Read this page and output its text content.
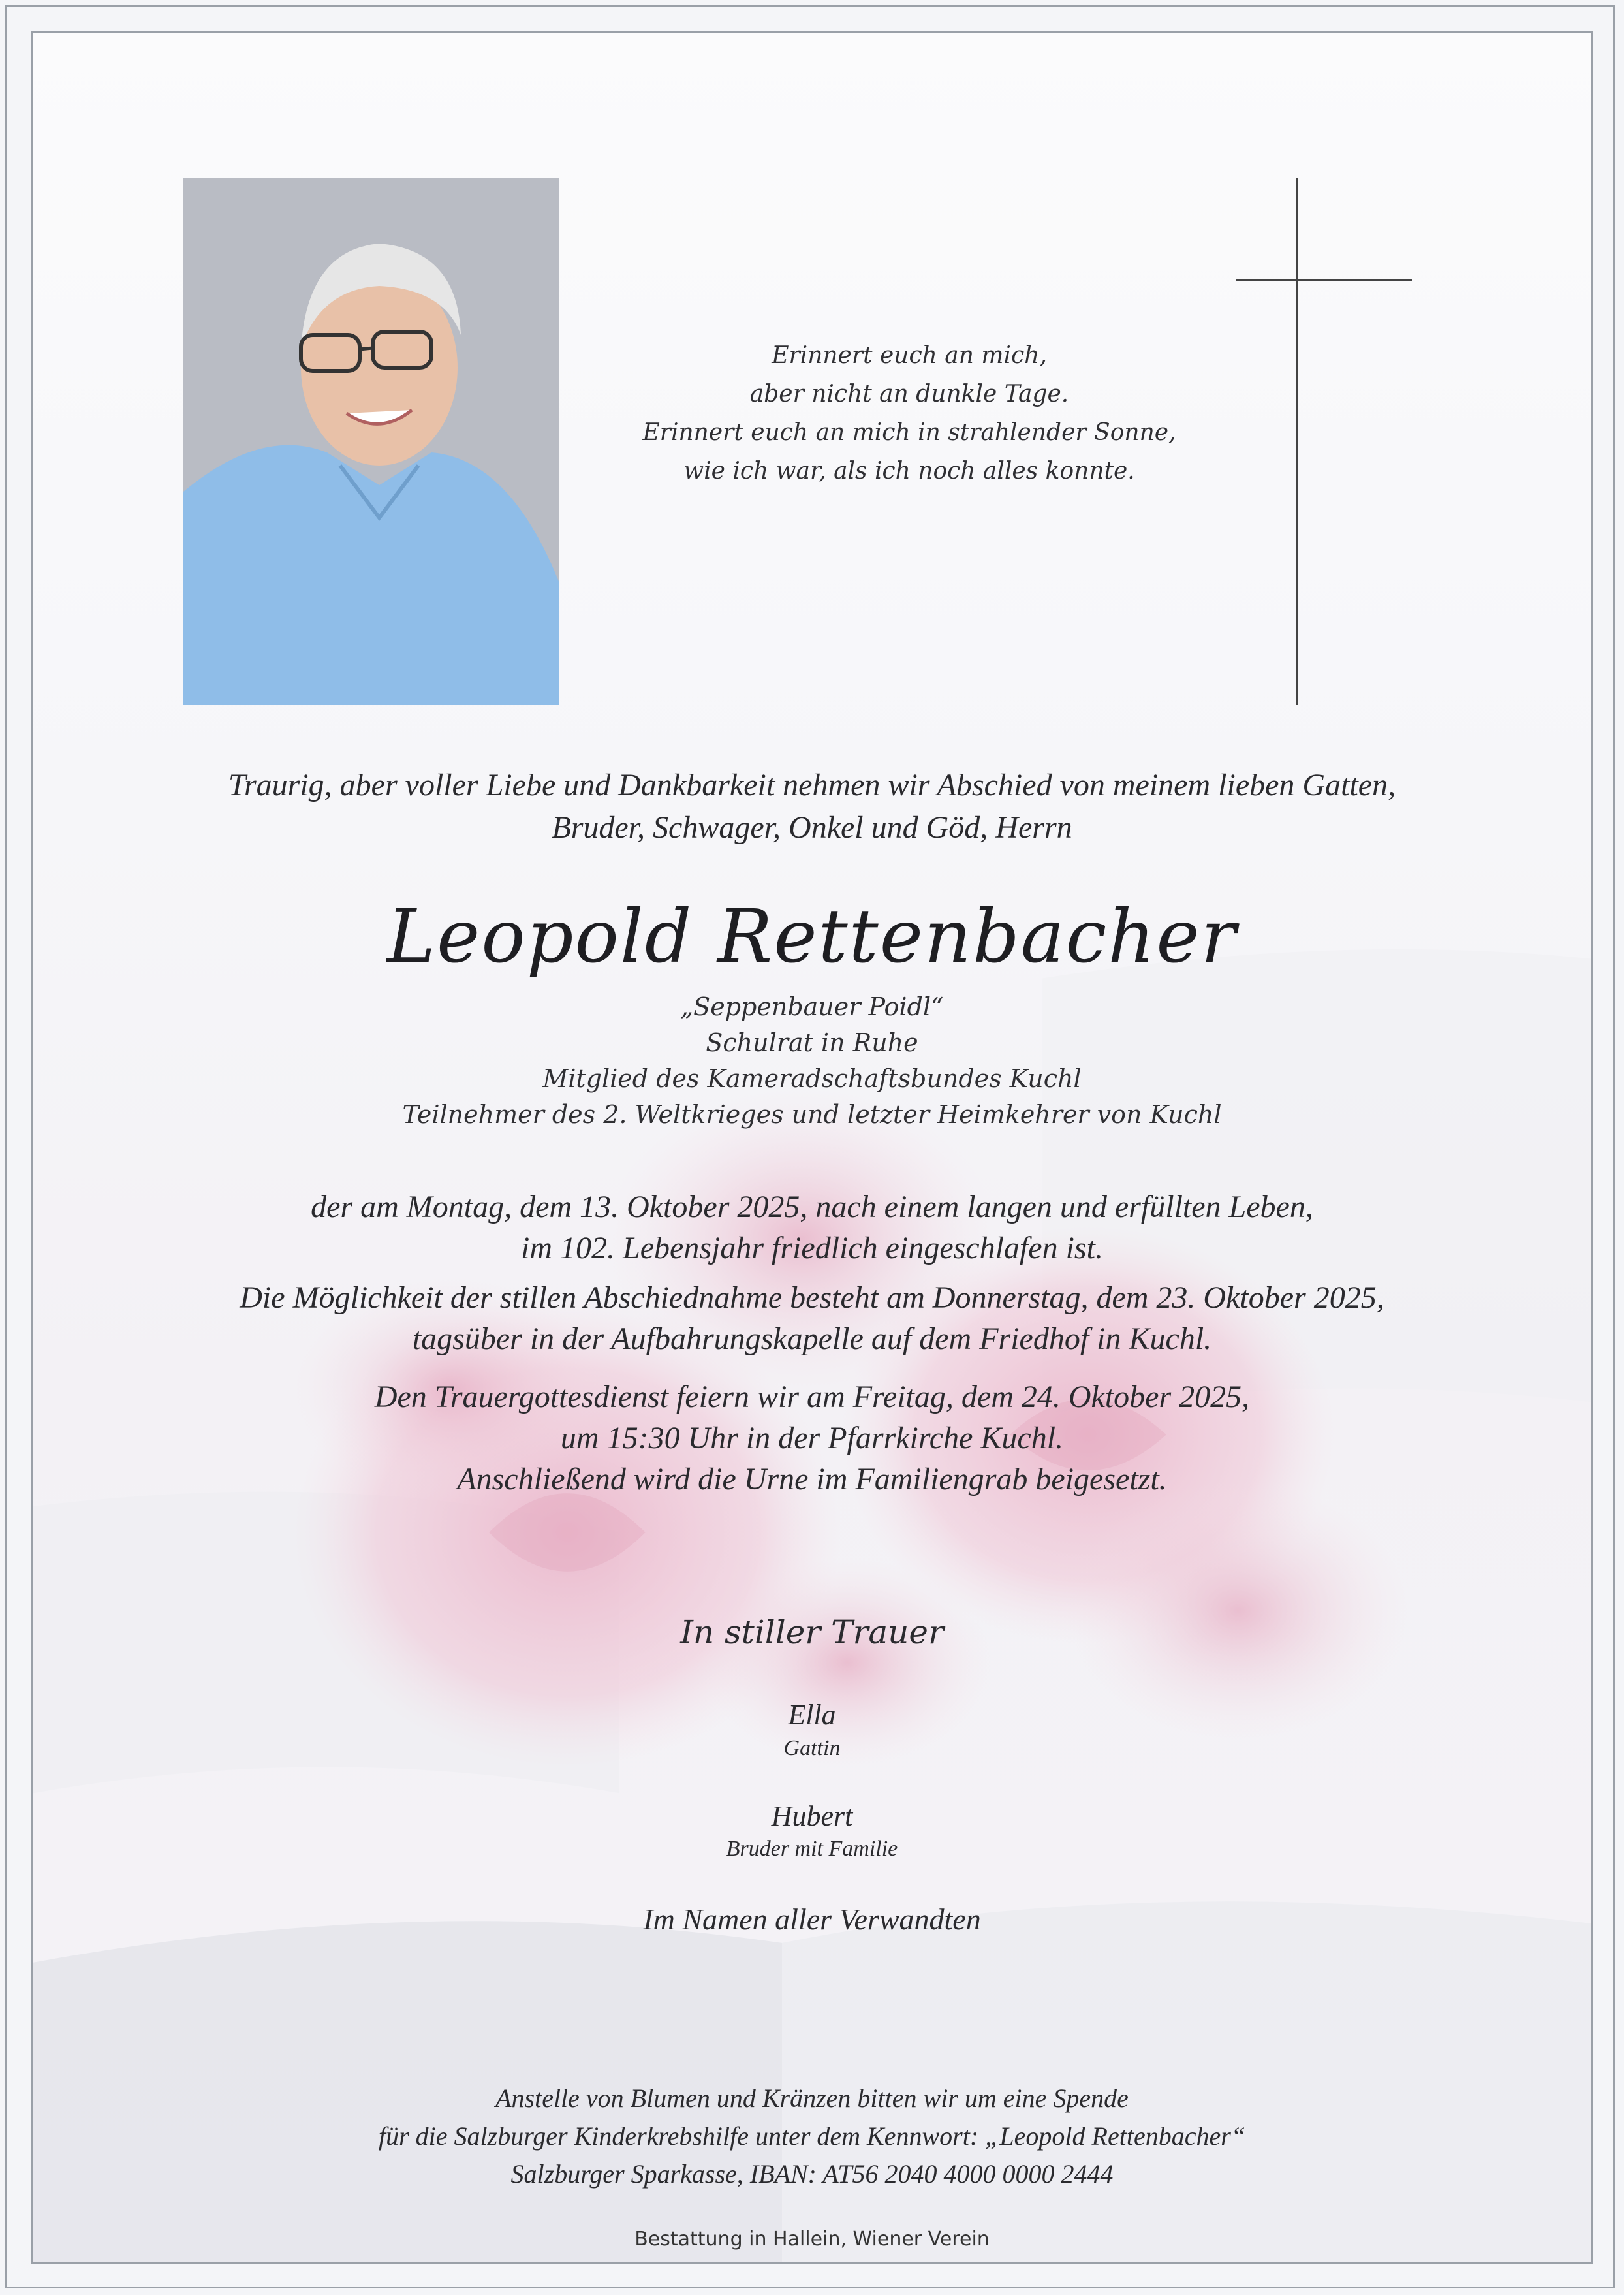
Erinnert euch an mich,
aber nicht an dunkle Tage.
Erinnert euch an mich in strahlender Sonne,
wie ich war, als ich noch alles konnte.
Traurig, aber voller Liebe und Dankbarkeit nehmen wir Abschied von meinem lieben Gatten,
Bruder, Schwager, Onkel und Göd, Herrn
Leopold Rettenbacher
„Seppenbauer Poidl“
Schulrat in Ruhe
Mitglied des Kameradschaftsbundes Kuchl
Teilnehmer des 2. Weltkrieges und letzter Heimkehrer von Kuchl
der am Montag, dem 13. Oktober 2025, nach einem langen und erfüllten Leben,
im 102. Lebensjahr friedlich eingeschlafen ist.
Die Möglichkeit der stillen Abschiednahme besteht am Donnerstag, dem 23. Oktober 2025,
tagsüber in der Aufbahrungskapelle auf dem Friedhof in Kuchl.
Den Trauergottesdienst feiern wir am Freitag, dem 24. Oktober 2025,
um 15:30 Uhr in der Pfarrkirche Kuchl.
Anschließend wird die Urne im Familiengrab beigesetzt.
In stiller Trauer
Ella
Gattin
Hubert
Bruder mit Familie
Im Namen aller Verwandten
Anstelle von Blumen und Kränzen bitten wir um eine Spende
für die Salzburger Kinderkrebshilfe unter dem Kennwort: „Leopold Rettenbacher“
Salzburger Sparkasse, IBAN: AT56 2040 4000 0000 2444
Bestattung in Hallein, Wiener Verein
